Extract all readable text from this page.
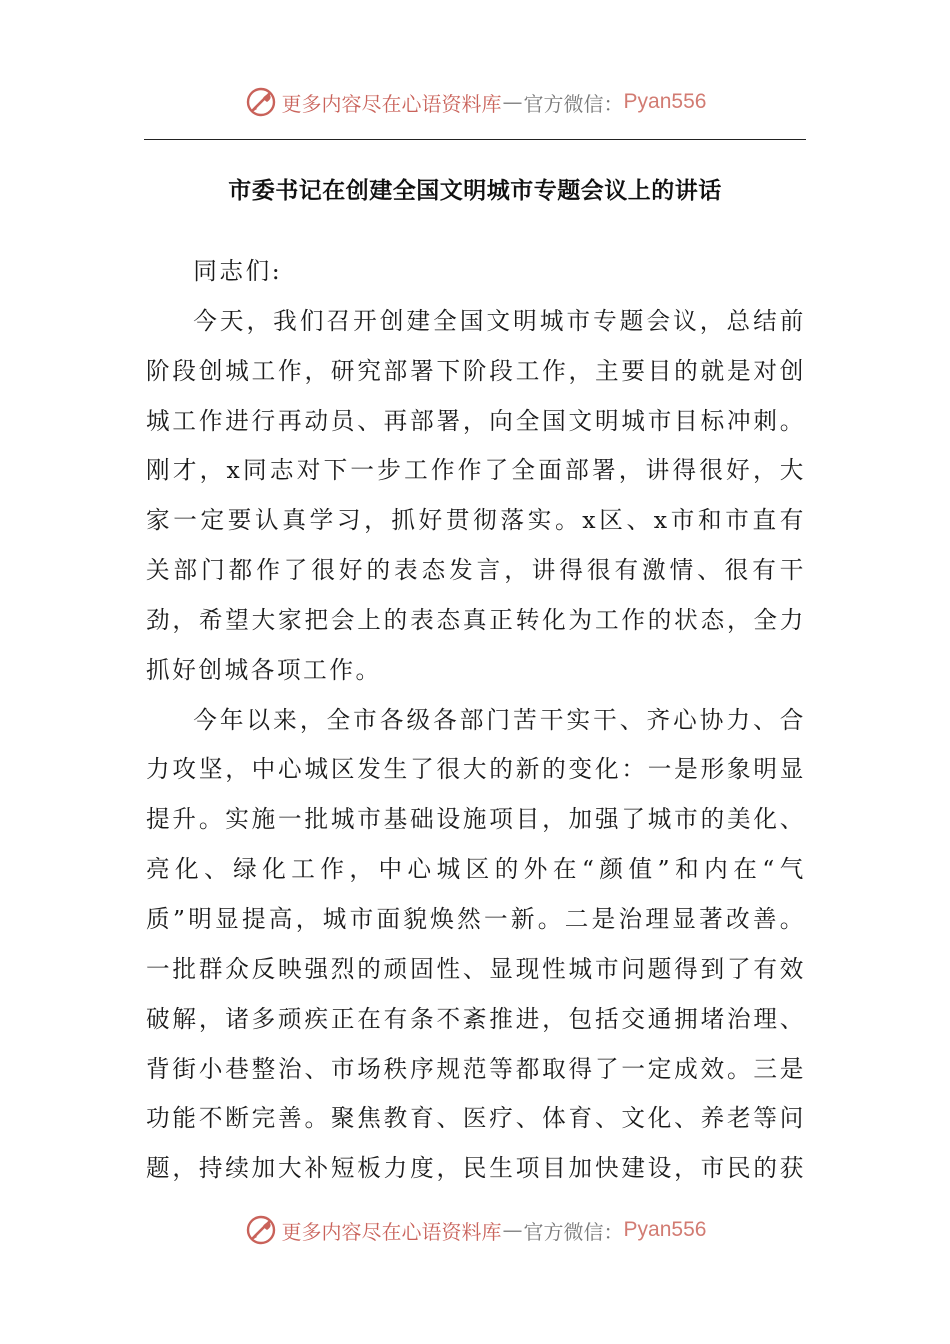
更多内容尽在心语资料库 — 官方微信： Pyan556
市委书记在创建全国文明城市专题会议上的讲话

同志们:

今天，我们召开创建全国文明城市专题会议，总结前阶段创城工作，研究部署下阶段工作，主要目的就是对创城工作进行再动员、再部署，向全国文明城市目标冲刺。刚才，x同志对下一步工作作了全面部署，讲得很好，大家一定要认真学习，抓好贯彻落实。x区、x市和市直有关部门都作了很好的表态发言，讲得很有激情、很有干劲，希望大家把会上的表态真正转化为工作的状态，全力抓好创城各项工作。

今年以来，全市各级各部门苦干实干、齐心协力、合力攻坚，中心城区发生了很大的新的变化：一是形象明显提升。实施一批城市基础设施项目，加强了城市的美化、亮化、绿化工作，中心城区的外在“颜值”和内在“气质”明显提高，城市面貌焕然一新。二是治理显著改善。一批群众反映强烈的顽固性、显现性城市问题得到了有效破解，诸多顽疾正在有条不紊推进，包括交通拥堵治理、背街小巷整治、市场秩序规范等都取得了一定成效。三是功能不断完善。聚焦教育、医疗、体育、文化、养老等问题，持续加大补短板力度，民生项目加快建设，市民的获

更多内容尽在心语资料库 — 官方微信： Pyan556
